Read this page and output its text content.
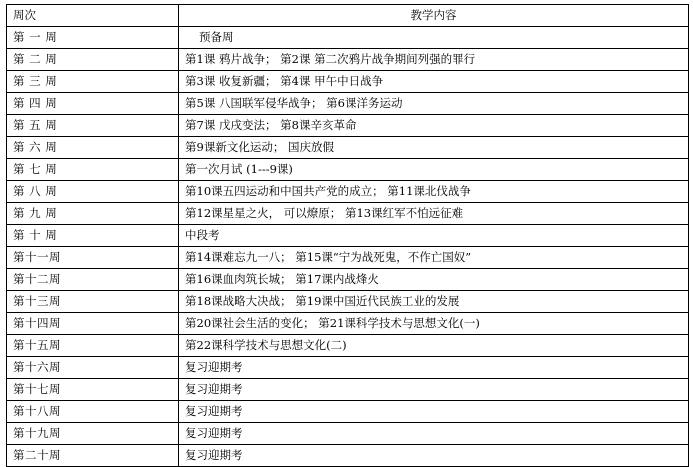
周次	教学内容
第 一 周	预备周
第 二 周	第1课 鸦片战争； 第2课 第二次鸦片战争期间列强的罪行
第 三 周	第3课 收复新疆； 第4课 甲午中日战争
第 四 周	第5课 八国联军侵华战争； 第6课洋务运动
第 五 周	第7课 戊戌变法； 第8课辛亥革命
第 六 周	第9课新文化运动； 国庆放假
第 七 周	第一次月试 (1---9课)
第 八 周	第10课五四运动和中国共产党的成立； 第11课北伐战争
第 九 周	第12课星星之火， 可以燎原； 第13课红军不怕远征难
第 十 周	中段考
第十一周	第14课难忘九一八； 第15课“宁为战死鬼，不作亡国奴”
第十二周	第16课血肉筑长城； 第17课内战烽火
第十三周	第18课战略大决战； 第19课中国近代民族工业的发展
第十四周	第20课社会生活的变化； 第21课科学技术与思想文化(一)
第十五周	第22课科学技术与思想文化(二)
第十六周	复习迎期考
第十七周	复习迎期考
第十八周	复习迎期考
第十九周	复习迎期考
第二十周	复习迎期考
